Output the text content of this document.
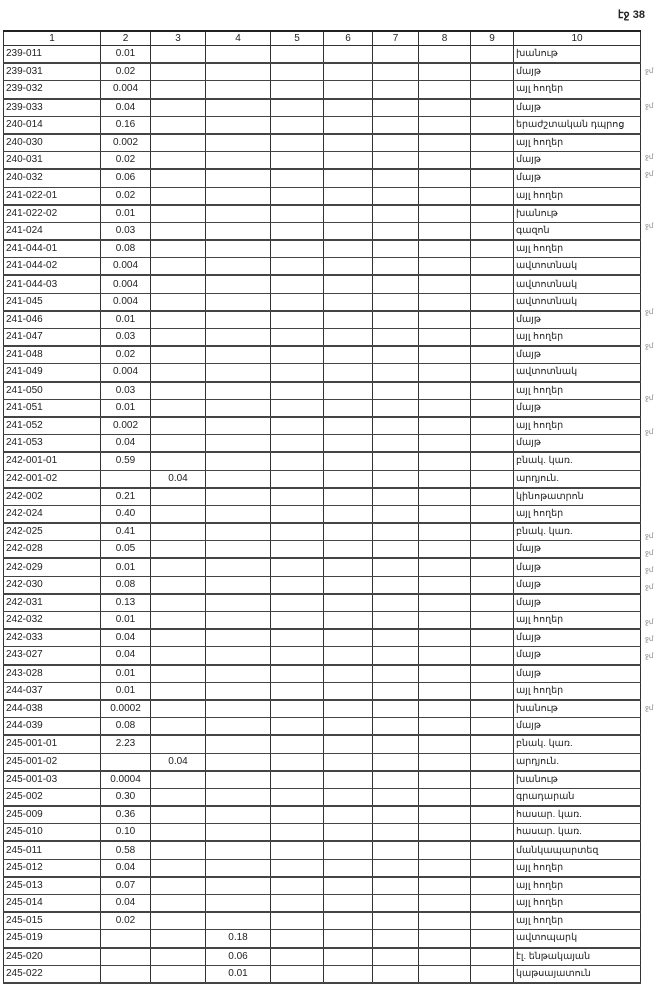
էջ 38
1	2	3	4	5	6	7	8	9	10
239-011	0.01								խանութ
239-031	0.02								մայթ
239-032	0.004								այլ հողեր
239-033	0.04								մայթ
240-014	0.16								երաժշտական դպրոց
240-030	0.002								այլ հողեր
240-031	0.02								մայթ
240-032	0.06								մայթ
241-022-01	0.02								այլ հողեր
241-022-02	0.01								խանութ
241-024	0.03								գազոն
241-044-01	0.08								այլ հողեր
241-044-02	0.004								ավտոտնակ
241-044-03	0.004								ավտոտնակ
241-045	0.004								ավտոտնակ
241-046	0.01								մայթ
241-047	0.03								այլ հողեր
241-048	0.02								մայթ
241-049	0.004								ավտոտնակ
241-050	0.03								այլ հողեր
241-051	0.01								մայթ
241-052	0.002								այլ հողեր
241-053	0.04								մայթ
242-001-01	0.59								բնակ. կառ.
242-001-02		0.04							արդյուն.
242-002	0.21								կինոթատրոն
242-024	0.40								այլ հողեր
242-025	0.41								բնակ. կառ.
242-028	0.05								մայթ
242-029	0.01								մայթ
242-030	0.08								մայթ
242-031	0.13								մայթ
242-032	0.01								այլ հողեր
242-033	0.04								մայթ
243-027	0.04								մայթ
243-028	0.01								մայթ
244-037	0.01								այլ հողեր
244-038	0.0002								խանութ
244-039	0.08								մայթ
245-001-01	2.23								բնակ. կառ.
245-001-02		0.04							արդյուն.
245-001-03	0.0004								խանութ
245-002	0.30								գրադարան
245-009	0.36								հասար. կառ.
245-010	0.10								հասար. կառ.
245-011	0.58								մանկապարտեզ
245-012	0.04								այլ հողեր
245-013	0.07								այլ հողեր
245-014	0.04								այլ հողեր
245-015	0.02								այլ հողեր
245-019			0.18						ավտոպարկ
245-020			0.06						էլ. ենթակայան
245-022			0.01						կաթսայատուն
ջմ
ջմ
ջմ
ջմ
ջմ
ջմ
ջմ
ջմ
ջմ
ջմ
ջմ
ջմ
ջմ
ջմ
ջմ
ջմ
ջմ
